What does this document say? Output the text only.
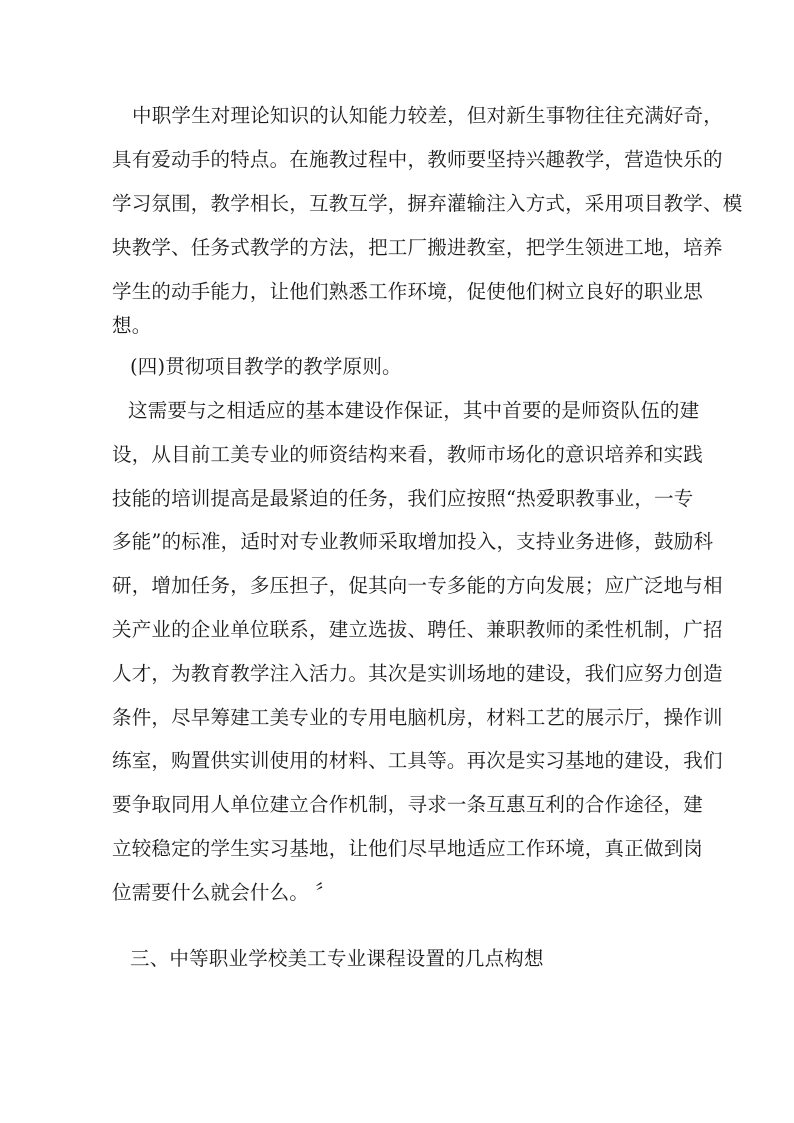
中职学生对理论知识的认知能力较差，但对新生事物往往充满好奇，
具有爱动手的特点。在施教过程中，教师要坚持兴趣教学，营造快乐的
学习氛围，教学相长，互教互学，摒弃灌输注入方式，采用项目教学、模
块教学、任务式教学的方法，把工厂搬进教室，把学生领进工地，培养
学生的动手能力，让他们熟悉工作环境，促使他们树立良好的职业思
想。
(四)贯彻项目教学的教学原则。
这需要与之相适应的基本建设作保证，其中首要的是师资队伍的建
设，从目前工美专业的师资结构来看，教师市场化的意识培养和实践
技能的培训提高是最紧迫的任务，我们应按照“热爱职教事业，一专
多能”的标准，适时对专业教师采取增加投入，支持业务进修，鼓励科
研，增加任务，多压担子，促其向一专多能的方向发展；应广泛地与相
关产业的企业单位联系，建立选拔、聘任、兼职教师的柔性机制，广招
人才，为教育教学注入活力。其次是实训场地的建设，我们应努力创造
条件，尽早筹建工美专业的专用电脑机房，材料工艺的展示厅，操作训
练室，购置供实训使用的材料、工具等。再次是实习基地的建设，我们
要争取同用人单位建立合作机制，寻求一条互惠互利的合作途径，建
立较稳定的学生实习基地，让他们尽早地适应工作环境，真正做到岗
位需要什么就会什么。 〞
三、中等职业学校美工专业课程设置的几点构想
